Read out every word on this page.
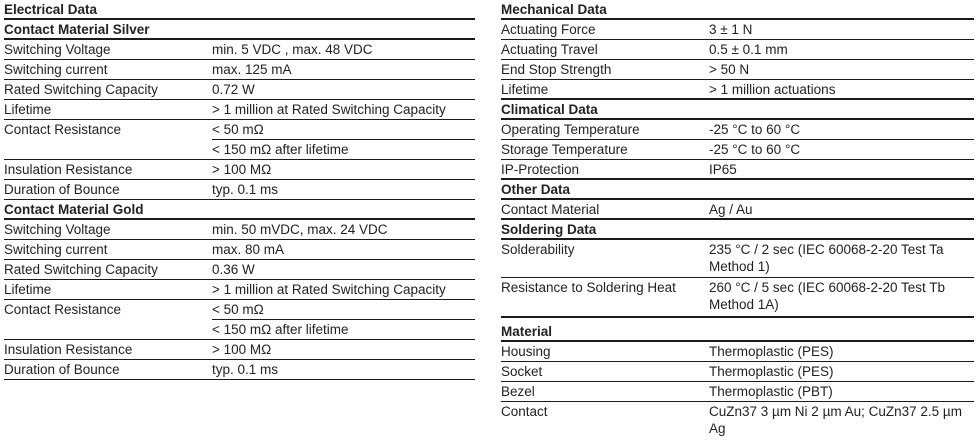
Electrical Data
Contact Material Silver
Switching Voltage	min. 5 VDC , max. 48 VDC
Switching current	max. 125 mA
Rated Switching Capacity	0.72 W
Lifetime	> 1 million at Rated Switching Capacity
Contact Resistance	< 50 mΩ
< 150 mΩ after lifetime
Insulation Resistance	> 100 MΩ
Duration of Bounce	typ. 0.1 ms
Contact Material Gold
Switching Voltage	min. 50 mVDC, max. 24 VDC
Switching current	max. 80 mA
Rated Switching Capacity	0.36 W
Lifetime	> 1 million at Rated Switching Capacity
Contact Resistance	< 50 mΩ
< 150 mΩ after lifetime
Insulation Resistance	> 100 MΩ
Duration of Bounce	typ. 0.1 ms
Mechanical Data
Actuating Force	3 ± 1 N
Actuating Travel	0.5 ± 0.1 mm
End Stop Strength	> 50 N
Lifetime	> 1 million actuations
Climatical Data
Operating Temperature	-25 °C to 60 °C
Storage Temperature	-25 °C to 60 °C
IP-Protection	IP65
Other Data
Contact Material	Ag / Au
Soldering Data
Solderability	235 °C / 2 sec (IEC 60068-2-20 Test Ta Method 1)
Resistance to Soldering Heat	260 °C / 5 sec (IEC 60068-2-20 Test Tb Method 1A)
Material
Housing	Thermoplastic (PES)
Socket	Thermoplastic (PES)
Bezel	Thermoplastic (PBT)
Contact	CuZn37 3 µm Ni 2 µm Au; CuZn37 2.5 µm Ag
